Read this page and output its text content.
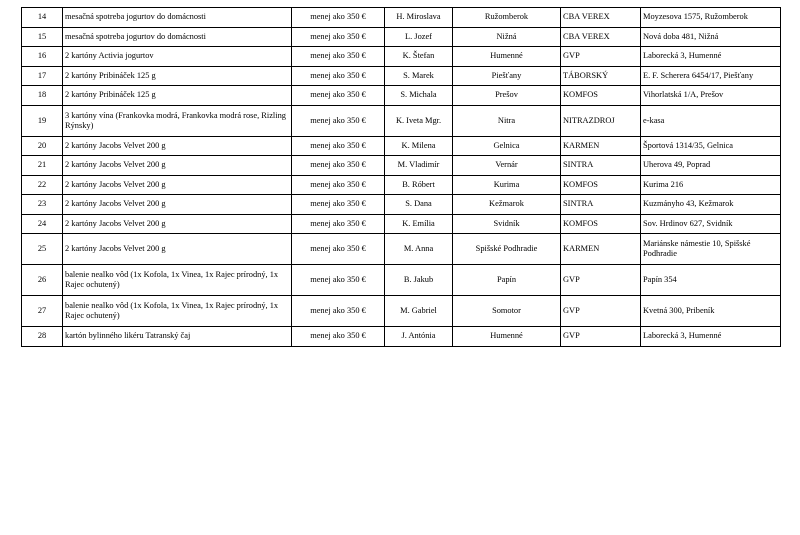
14	mesačná spotreba jogurtov do domácnosti	menej ako 350 €	H. Miroslava	Ružomberok	CBA VEREX	Moyzesova 1575, Ružomberok
15	mesačná spotreba jogurtov do domácnosti	menej ako 350 €	L. Jozef	Nižná	CBA VEREX	Nová doba 481, Nižná
16	2 kartóny Activia jogurtov	menej ako 350 €	K. Štefan	Humenné	GVP	Laborecká 3, Humenné
17	2 kartóny Pribináček 125 g	menej ako 350 €	S. Marek	Piešťany	TÁBORSKÝ	E. F. Scherera 6454/17, Piešťany
18	2 kartóny Pribináček 125 g	menej ako 350 €	S. Michala	Prešov	KOMFOS	Vihorlatská 1/A, Prešov
19	3 kartóny vína (Frankovka modrá, Frankovka modrá rose, Rizling Rýnsky)	menej ako 350 €	K. Iveta Mgr.	Nitra	NITRAZDROJ	e-kasa
20	2 kartóny Jacobs Velvet 200 g	menej ako 350 €	K. Milena	Gelnica	KARMEN	Športová 1314/35, Gelnica
21	2 kartóny Jacobs Velvet 200 g	menej ako 350 €	M. Vladimír	Vernár	SINTRA	Uherova 49, Poprad
22	2 kartóny Jacobs Velvet 200 g	menej ako 350 €	B. Róbert	Kurima	KOMFOS	Kurima 216
23	2 kartóny Jacobs Velvet 200 g	menej ako 350 €	S. Dana	Kežmarok	SINTRA	Kuzmányho 43, Kežmarok
24	2 kartóny Jacobs Velvet 200 g	menej ako 350 €	K. Emília	Svidník	KOMFOS	Sov. Hrdinov 627, Svidník
25	2 kartóny Jacobs Velvet 200 g	menej ako 350 €	M. Anna	Spišské Podhradie	KARMEN	Mariánske námestie 10, Spišské Podhradie
26	balenie nealko vôd (1x Kofola, 1x Vinea, 1x Rajec prírodný, 1x Rajec ochutený)	menej ako 350 €	B. Jakub	Papín	GVP	Papín 354
27	balenie nealko vôd (1x Kofola, 1x Vinea, 1x Rajec prírodný, 1x Rajec ochutený)	menej ako 350 €	M. Gabriel	Somotor	GVP	Kvetná 300, Pribeník
28	kartón bylinného likéru Tatranský čaj	menej ako 350 €	J. Antónia	Humenné	GVP	Laborecká 3, Humenné
